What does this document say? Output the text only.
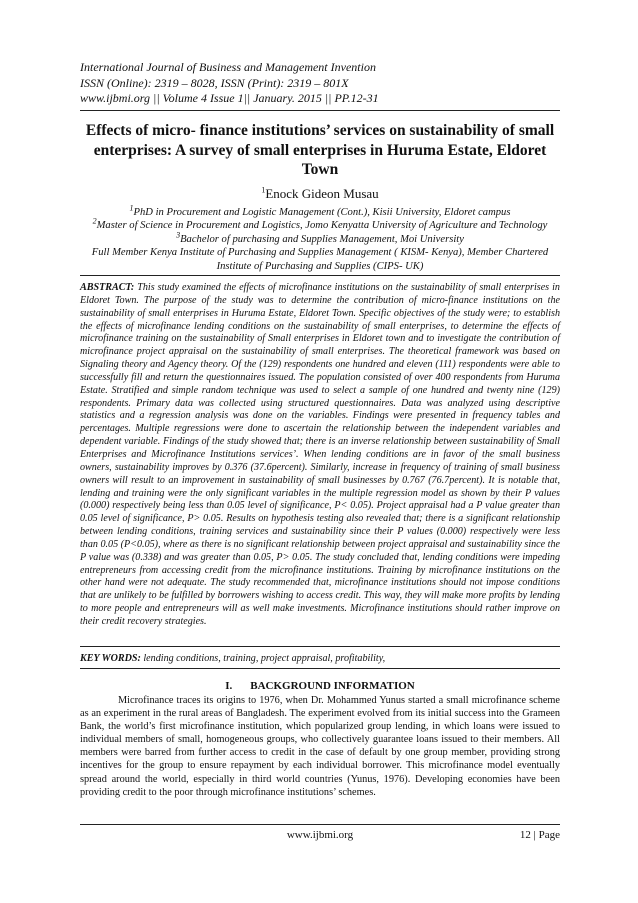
International Journal of Business and Management Invention
ISSN (Online): 2319 – 8028, ISSN (Print): 2319 – 801X
www.ijbmi.org || Volume 4 Issue 1|| January. 2015 || PP.12-31
Effects of micro- finance institutions’ services on sustainability of small enterprises: A survey of small enterprises in Huruma Estate, Eldoret Town
$^1$Enock Gideon Musau
$^1$PhD in Procurement and Logistic Management (Cont.), Kisii University, Eldoret campus
$^2$Master of Science in Procurement and Logistics, Jomo Kenyatta University of Agriculture and Technology
$^3$Bachelor of purchasing and Supplies Management, Moi University
Full Member Kenya Institute of Purchasing and Supplies Management ( KISM- Kenya), Member Chartered
Institute of Purchasing and Supplies (CIPS- UK)

ABSTRACT: This study examined the effects of microfinance institutions on the sustainability of small enterprises in Eldoret Town. The purpose of the study was to determine the contribution of micro-finance institutions on the sustainability of small enterprises in Huruma Estate, Eldoret Town. Specific objectives of the study were; to establish the effects of microfinance lending conditions on the sustainability of small enterprises, to determine the effects of microfinance training on the sustainability of Small enterprises in Eldoret town and to investigate the contribution of microfinance project appraisal on the sustainability of small enterprises. The theoretical framework was based on Signaling theory and Agency theory. Of the (129) respondents one hundred and eleven (111) respondents were able to successfully fill and return the questionnaires issued. The population consisted of over 400 respondents from Huruma Estate. Stratified and simple random technique was used to select a sample of one hundred and twenty nine (129) respondents. Primary data was collected using structured questionnaires. Data was analyzed using descriptive statistics and a regression analysis was done on the variables. Findings were presented in frequency tables and percentages. Multiple regressions were done to ascertain the relationship between the independent variables and dependent variable. Findings of the study showed that; there is an inverse relationship between sustainability of Small Enterprises and Microfinance Institutions services’. When lending conditions are in favor of the small business owners, sustainability improves by 0.376 (37.6percent). Similarly, increase in frequency of training of small business owners will result to an improvement in sustainability of small businesses by 0.767 (76.7percent). It is notable that, lending and training were the only significant variables in the multiple regression model as shown by their P values (0.000) respectively being less than 0.05 level of significance, P< 0.05). Project appraisal had a P value greater than 0.05 level of significance, P> 0.05. Results on hypothesis testing also revealed that; there is a significant relationship between lending conditions, training services and sustainability since their P values (0.000) respectively were less than 0.05 (P<0.05), where as there is no significant relationship between project appraisal and sustainability since the P value was (0.338) and was greater than 0.05, P> 0.05. The study concluded that, lending conditions were impeding entrepreneurs from accessing credit from the microfinance institutions. Training by microfinance institutions on the other hand were not adequate. The study recommended that, microfinance institutions should not impose conditions that are unlikely to be fulfilled by borrowers wishing to access credit. This way, they will make more profits by lending to more people and entrepreneurs will as well make investments. Microfinance institutions should rather improve on their credit recovery strategies.

KEY WORDS: lending conditions, training, project appraisal, profitability,

I. BACKGROUND INFORMATION

Microfinance traces its origins to 1976, when Dr. Mohammed Yunus started a small microfinance scheme as an experiment in the rural areas of Bangladesh. The experiment evolved from its initial success into the Grameen Bank, the world’s first microfinance institution, which popularized group lending, in which loans were issued to individual members of small, homogeneous groups, who collectively guarantee loans issued to their members. All members were barred from further access to credit in the case of default by one group member, providing strong incentives for the group to ensure repayment by each individual borrower. This microfinance model eventually spread around the world, especially in third world countries (Yunus, 1976). Developing economies have been providing credit to the poor through microfinance institutions’ schemes.

www.ijbmi.org	12 | Page
